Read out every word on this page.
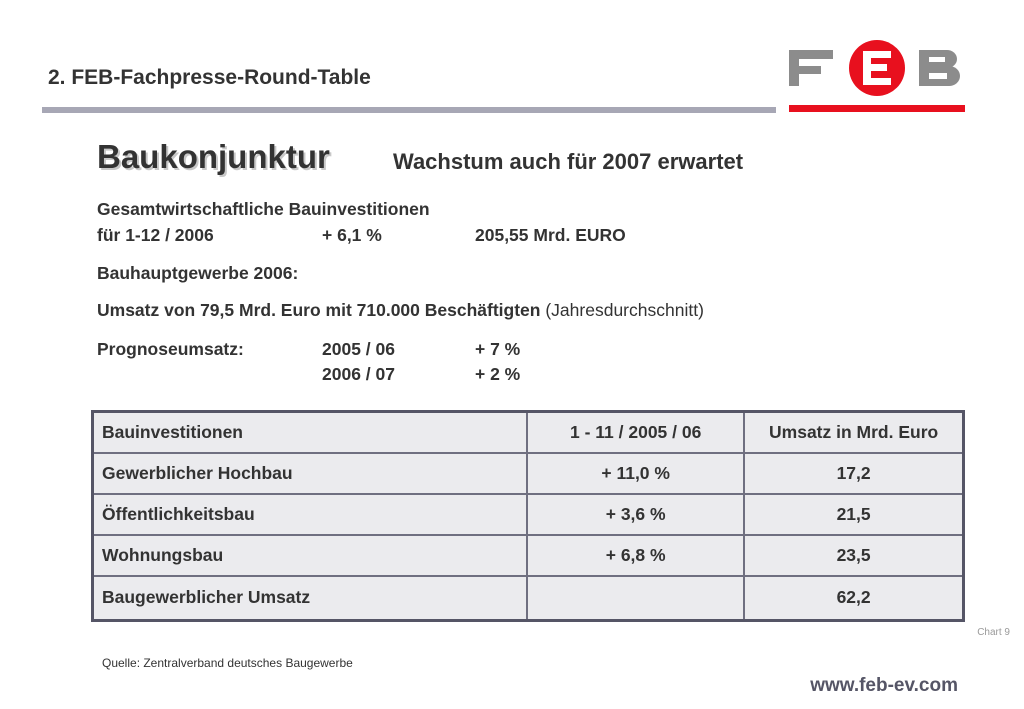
2. FEB-Fachpresse-Round-Table
Baukonjunktur	Wachstum auch für 2007 erwartet
Gesamtwirtschaftliche Bauinvestitionen
für 1-12 / 2006	+ 6,1 %	205,55 Mrd. EURO
Bauhauptgewerbe 2006:
Umsatz von 79,5 Mrd. Euro mit 710.000 Beschäftigten (Jahresdurchschnitt)
Prognoseumsatz:	2005 / 06	+ 7 %
2006 / 07	+ 2 %
Bauinvestitionen	1 - 11 / 2005 / 06	Umsatz in Mrd. Euro
Gewerblicher Hochbau	+ 11,0 %	17,2
Öffentlichkeitsbau	+ 3,6 %	21,5
Wohnungsbau	+ 6,8 %	23,5
Baugewerblicher Umsatz		62,2
Chart 9
Quelle: Zentralverband deutsches Baugewerbe
www.feb-ev.com
